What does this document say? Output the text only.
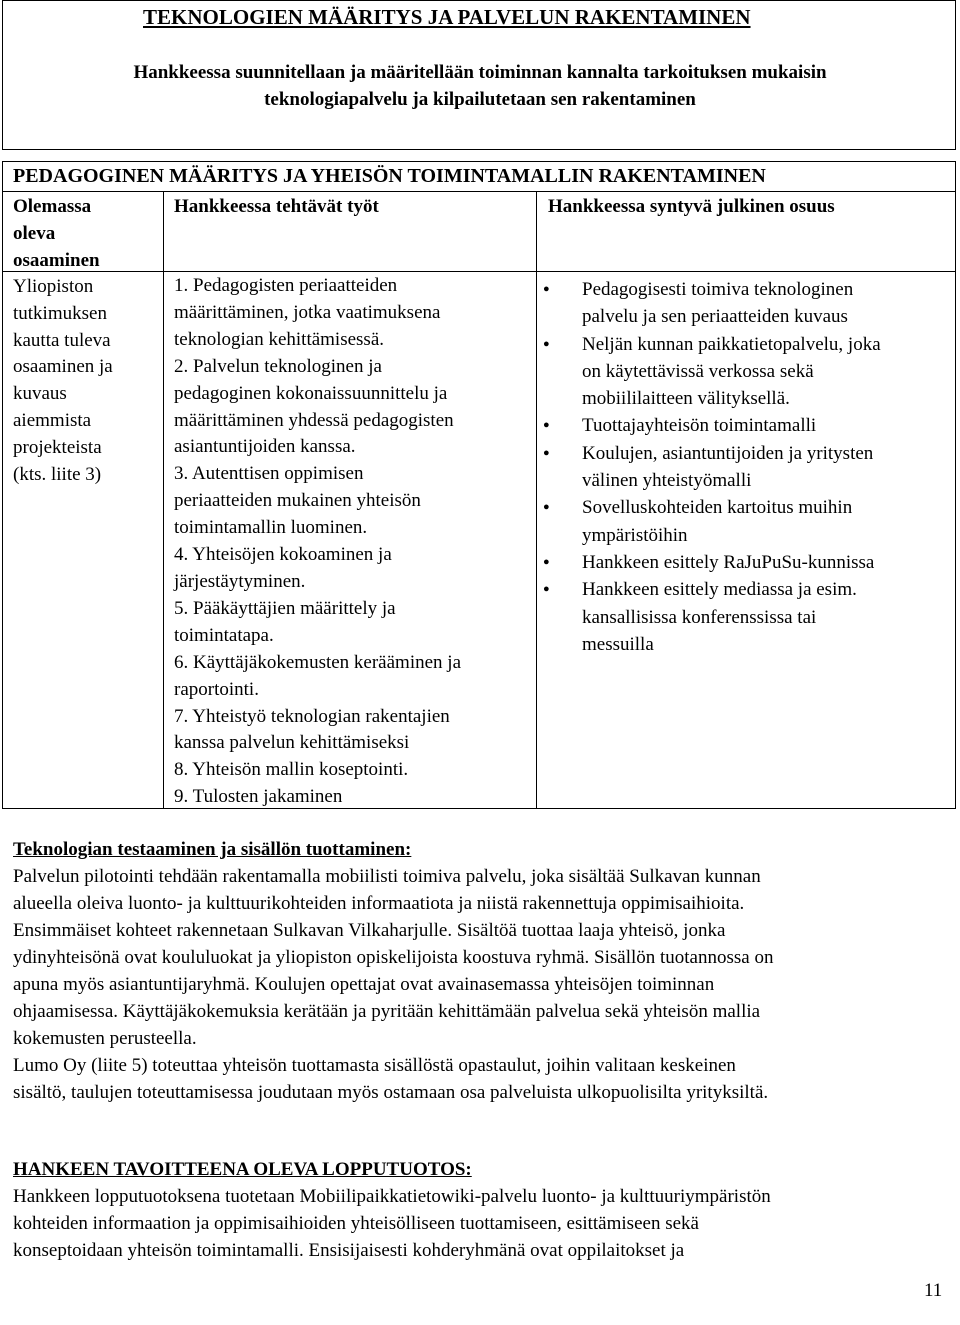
TEKNOLOGIEN MÄÄRITYS JA PALVELUN RAKENTAMINEN
Hankkeessa suunnitellaan ja määritellään toiminnan kannalta tarkoituksen mukaisin
teknologiapalvelu ja kilpailutetaan sen rakentaminen
PEDAGOGINEN MÄÄRITYS JA YHEISÖN TOIMINTAMALLIN RAKENTAMINEN
Olemassa
oleva
osaaminen
Hankkeessa tehtävät työt	Hankkeessa syntyvä julkinen osuus
Yliopiston
tutkimuksen
kautta tuleva
osaaminen ja
kuvaus
aiemmista
projekteista
(kts. liite 3)
1. Pedagogisten periaatteiden
määrittäminen, jotka vaatimuksena
teknologian kehittämisessä.
2. Palvelun teknologinen ja
pedagoginen kokonaissuunnittelu ja
määrittäminen yhdessä pedagogisten
asiantuntijoiden kanssa.
3. Autenttisen oppimisen
periaatteiden mukainen yhteisön
toimintamallin luominen.
4. Yhteisöjen kokoaminen ja
järjestäytyminen.
5. Pääkäyttäjien määrittely ja
toimintatapa.
6. Käyttäjäkokemusten kerääminen ja
raportointi.
7. Yhteistyö teknologian rakentajien
kanssa palvelun kehittämiseksi
8. Yhteisön mallin koseptointi.
9. Tulosten jakaminen
● Pedagogisesti toimiva teknologinen
palvelu ja sen periaatteiden kuvaus
● Neljän kunnan paikkatietopalvelu, joka
on käytettävissä verkossa sekä
mobiililaitteen välityksellä.
● Tuottajayhteisön toimintamalli
● Koulujen, asiantuntijoiden ja yritysten
välinen yhteistyömalli
● Sovelluskohteiden kartoitus muihin
ympäristöihin
● Hankkeen esittely RaJuPuSu-kunnissa
● Hankkeen esittely mediassa ja esim.
kansallisissa konferenssissa tai
messuilla
Teknologian testaaminen ja sisällön tuottaminen:
Palvelun pilotointi tehdään rakentamalla mobiilisti toimiva palvelu, joka sisältää Sulkavan kunnan
alueella oleiva luonto- ja kulttuurikohteiden informaatiota ja niistä rakennettuja oppimisaihioita.
Ensimmäiset kohteet rakennetaan Sulkavan Vilkaharjulle. Sisältöä tuottaa laaja yhteisö, jonka
ydinyhteisönä ovat koululuokat ja yliopiston opiskelijoista koostuva ryhmä. Sisällön tuotannossa on
apuna myös asiantuntijaryhmä. Koulujen opettajat ovat avainasemassa yhteisöjen toiminnan
ohjaamisessa. Käyttäjäkokemuksia kerätään ja pyritään kehittämään palvelua sekä yhteisön mallia
kokemusten perusteella.
Lumo Oy (liite 5) toteuttaa yhteisön tuottamasta sisällöstä opastaulut, joihin valitaan keskeinen
sisältö, taulujen toteuttamisessa joudutaan myös ostamaan osa palveluista ulkopuolisilta yrityksiltä.
HANKEEN TAVOITTEENA OLEVA LOPPUTUOTOS:
Hankkeen lopputuotoksena tuotetaan Mobiilipaikkatietowiki-palvelu luonto- ja kulttuuriympäristön
kohteiden informaation ja oppimisaihioiden yhteisölliseen tuottamiseen, esittämiseen sekä
konseptoidaan yhteisön toimintamalli. Ensisijaisesti kohderyhmänä ovat oppilaitokset ja
11
